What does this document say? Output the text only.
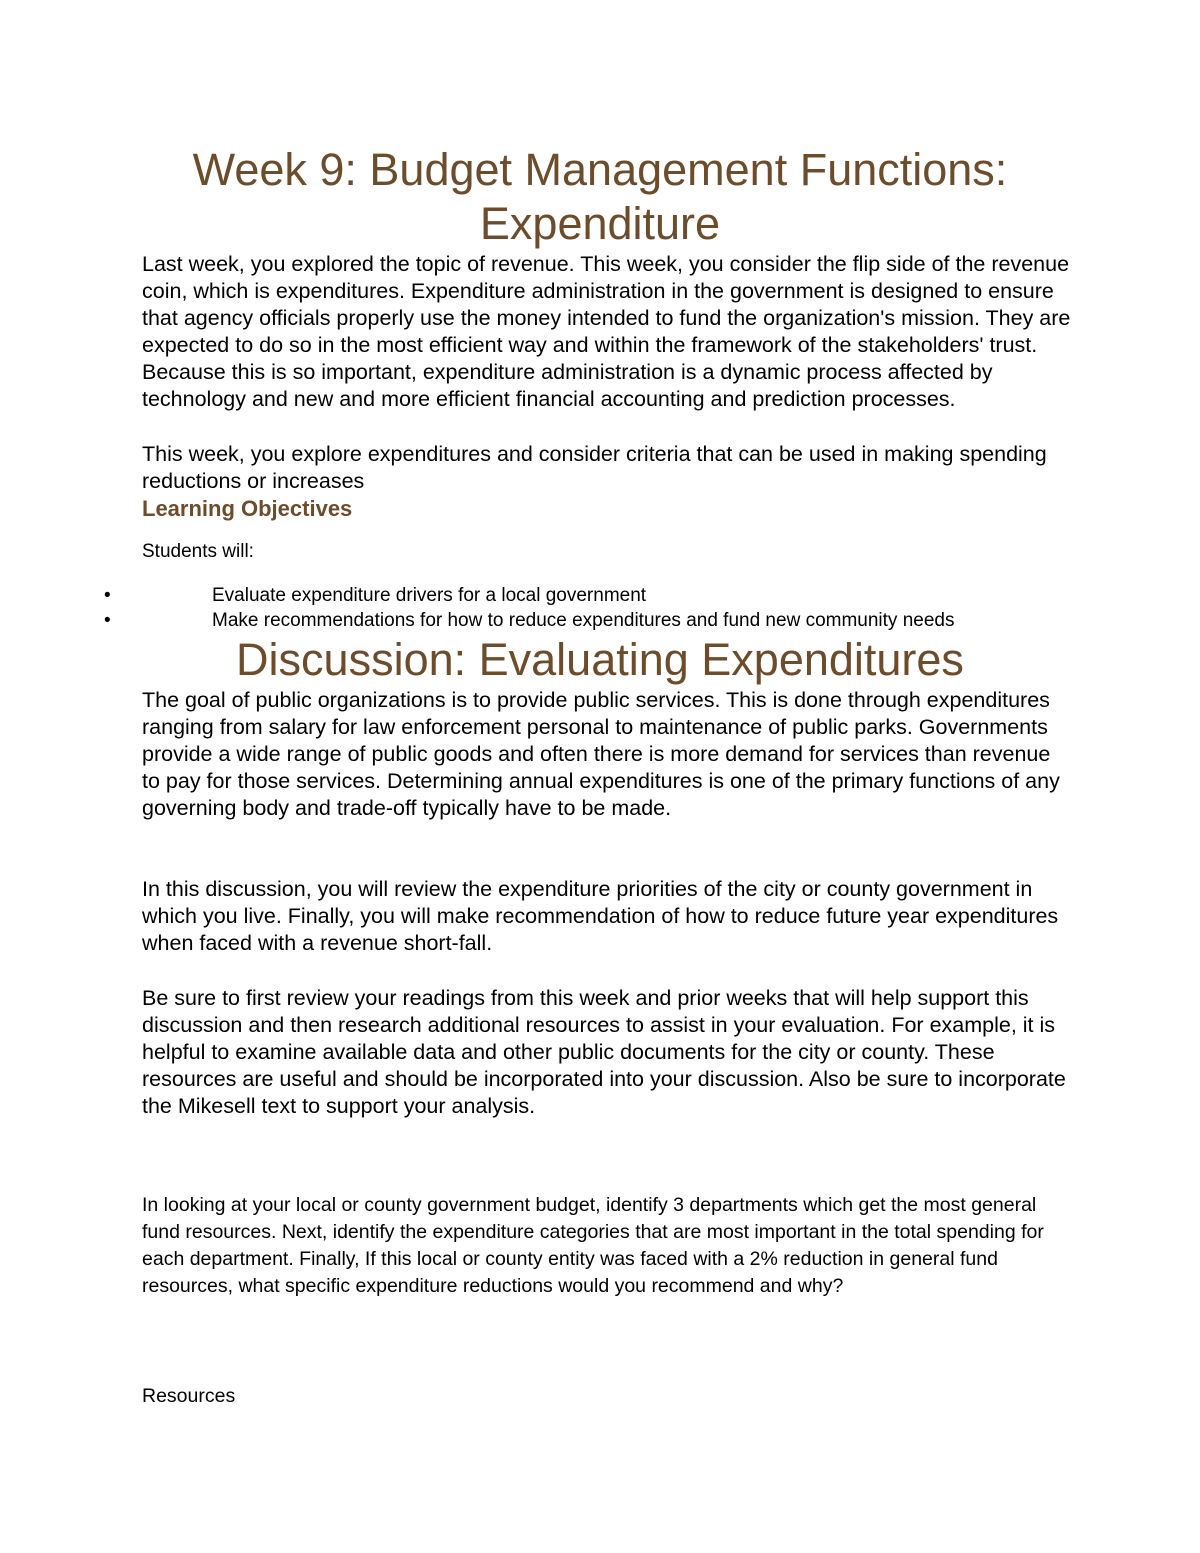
Week 9: Budget Management Functions: Expenditure

Last week, you explored the topic of revenue. This week, you consider the flip side of the revenue coin, which is expenditures. Expenditure administration in the government is designed to ensure that agency officials properly use the money intended to fund the organization's mission. They are expected to do so in the most efficient way and within the framework of the stakeholders' trust. Because this is so important, expenditure administration is a dynamic process affected by technology and new and more efficient financial accounting and prediction processes.

This week, you explore expenditures and consider criteria that can be used in making spending reductions or increases

Learning Objectives

Students will:

•	Evaluate expenditure drivers for a local government
•	Make recommendations for how to reduce expenditures and fund new community needs
Discussion: Evaluating Expenditures

The goal of public organizations is to provide public services. This is done through expenditures ranging from salary for law enforcement personal to maintenance of public parks. Governments provide a wide range of public goods and often there is more demand for services than revenue to pay for those services. Determining annual expenditures is one of the primary functions of any governing body and trade-off typically have to be made.

In this discussion, you will review the expenditure priorities of the city or county government in which you live. Finally, you will make recommendation of how to reduce future year expenditures when faced with a revenue short-fall.

Be sure to first review your readings from this week and prior weeks that will help support this discussion and then research additional resources to assist in your evaluation. For example, it is helpful to examine available data and other public documents for the city or county. These resources are useful and should be incorporated into your discussion. Also be sure to incorporate the Mikesell text to support your analysis.

In looking at your local or county government budget, identify 3 departments which get the most general fund resources. Next, identify the expenditure categories that are most important in the total spending for each department. Finally, If this local or county entity was faced with a 2% reduction in general fund resources, what specific expenditure reductions would you recommend and why?

Resources
